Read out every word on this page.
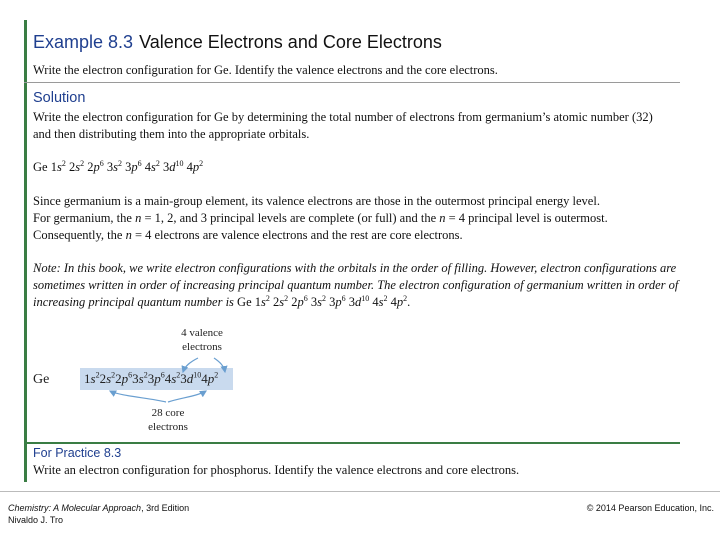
Example 8.3 Valence Electrons and Core Electrons
Write the electron configuration for Ge. Identify the valence electrons and the core electrons.
Solution
Write the electron configuration for Ge by determining the total number of electrons from germanium’s atomic number (32) and then distributing them into the appropriate orbitals.
Ge $1s^2$ $2s^2$ $2p^6$ $3s^2$ $3p^6$ $4s^2$ $3d^{10}$ $4p^2$
Since germanium is a main-group element, its valence electrons are those in the outermost principal energy level.
For germanium, the n = 1, 2, and 3 principal levels are complete (or full) and the n = 4 principal level is outermost.
Consequently, the n = 4 electrons are valence electrons and the rest are core electrons.
Note: In this book, we write electron configurations with the orbitals in the order of filling. However, electron configurations are sometimes written in order of increasing principal quantum number. The electron configuration of germanium written in order of increasing principal quantum number is Ge $1s^2$ $2s^2$ $2p^6$ $3s^2$ $3p^6$ $3d^{10}$ $4s^2$ $4p^2$.
Ge	$1s^22s^22p^63s^23p^64s^23d^{10}4p^2$
4 valence
electrons
28 core
electrons
For Practice 8.3
Write an electron configuration for phosphorus. Identify the valence electrons and core electrons.
Chemistry: A Molecular Approach, 3rd Edition
Nivaldo J. Tro
© 2014 Pearson Education, Inc.
